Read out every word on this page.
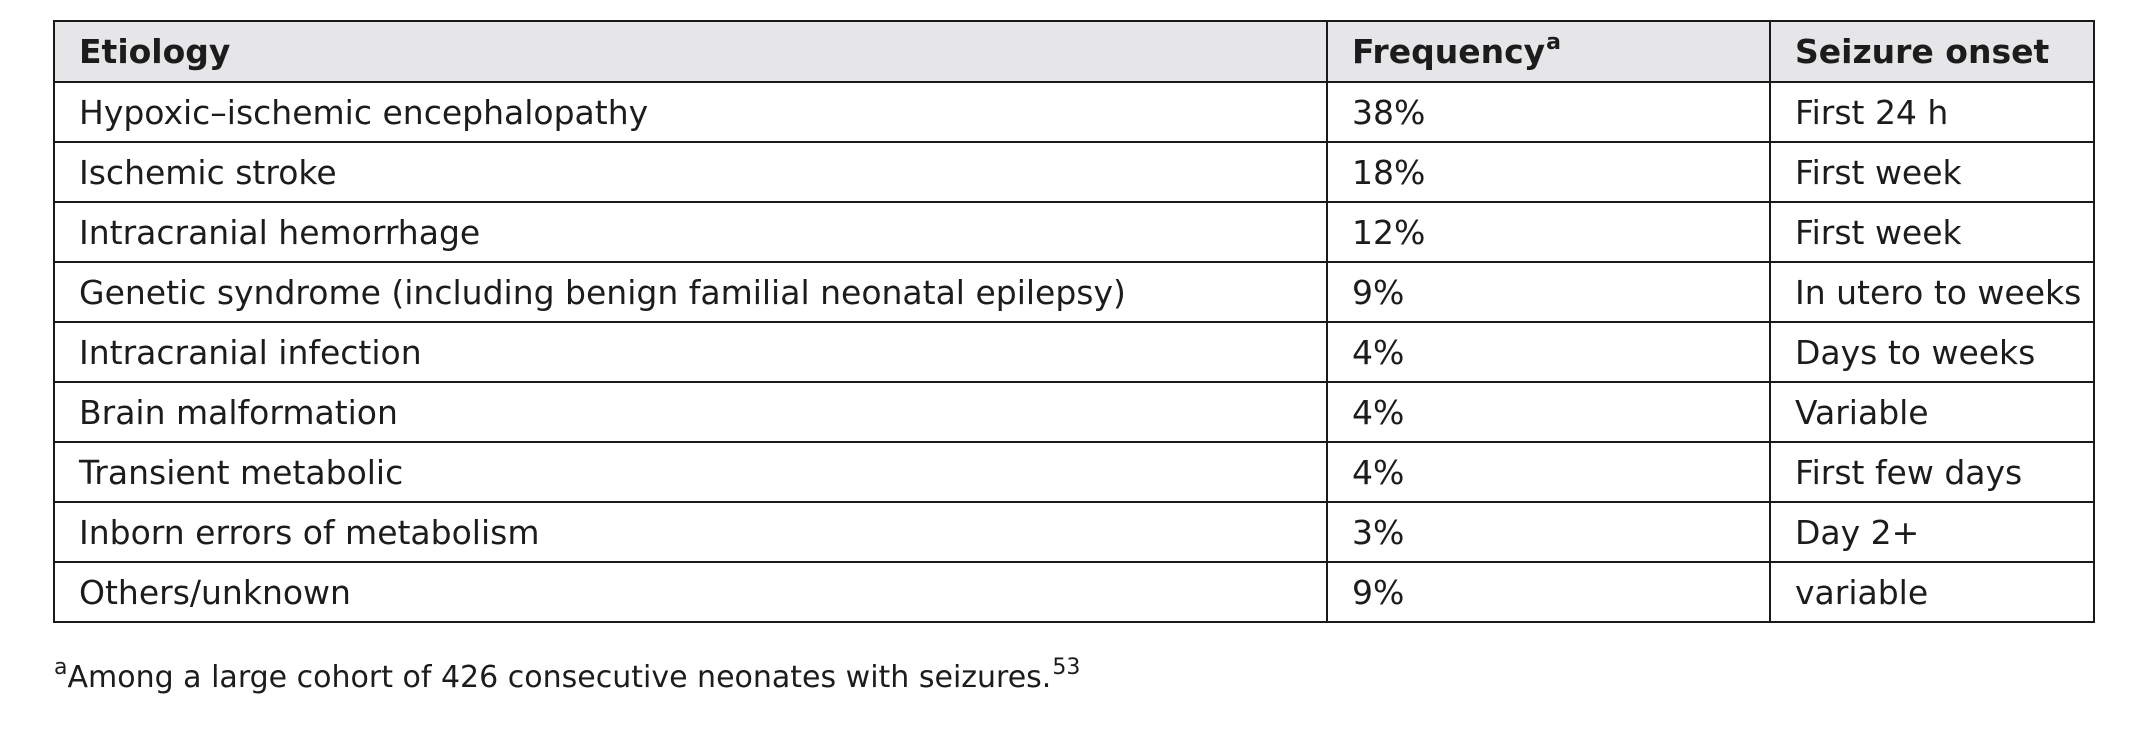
Etiology	Frequency$^a$	Seizure onset
Hypoxic–ischemic encephalopathy	38%	First 24 h
Ischemic stroke	18%	First week
Intracranial hemorrhage	12%	First week
Genetic syndrome (including benign familial neonatal epilepsy)	9%	In utero to weeks
Intracranial infection	4%	Days to weeks
Brain malformation	4%	Variable
Transient metabolic	4%	First few days
Inborn errors of metabolism	3%	Day 2+
Others/unknown	9%	variable
$^a$Among a large cohort of 426 consecutive neonates with seizures.$^{53}$
